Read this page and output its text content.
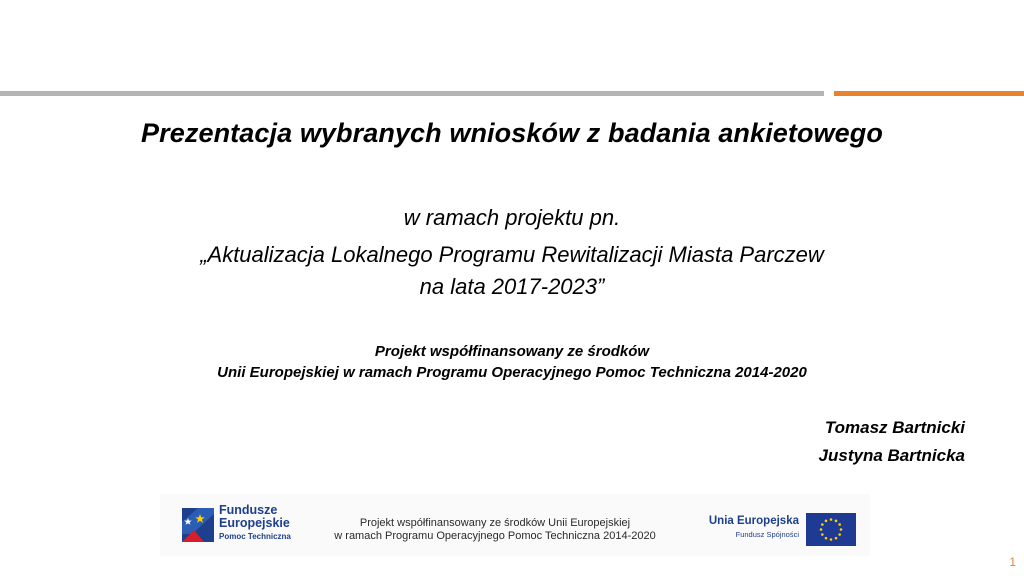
Prezentacja wybranych wniosków z badania ankietowego
w ramach projektu pn.
„Aktualizacja Lokalnego Programu Rewitalizacji Miasta Parczew
na lata 2017-2023”
Projekt współfinansowany ze środków
Unii Europejskiej w ramach Programu Operacyjnego Pomoc Techniczna 2014-2020
Tomasz Bartnicki
Justyna Bartnicka
Fundusze
Europejskie
Pomoc Techniczna
Projekt współfinansowany ze środków Unii Europejskiej
w ramach Programu Operacyjnego Pomoc Techniczna 2014-2020
Unia Europejska
Fundusz Spójności
1
